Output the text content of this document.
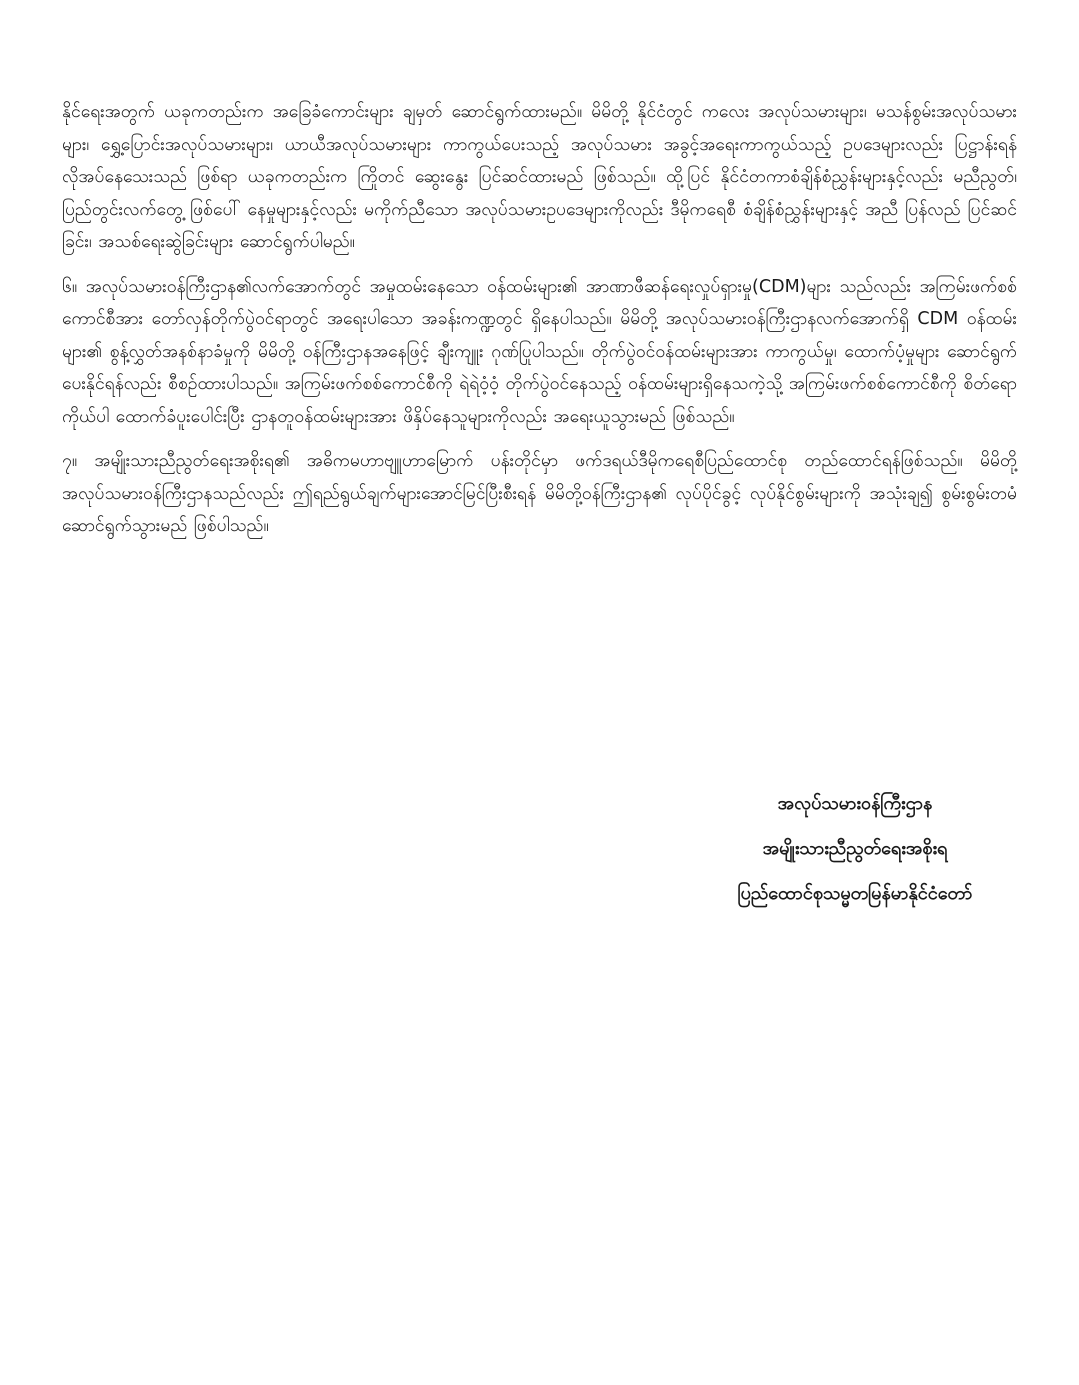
နိုင်ရေးအတွက် ယခုကတည်းက အခြေခံကောင်းများ ချမှတ် ဆောင်ရွက်ထားမည်။ မိမိတို့ နိုင်ငံတွင် ကလေး အလုပ်သမားများ၊ မသန်စွမ်းအလုပ်သမားများ၊ ရွှေ့ပြောင်းအလုပ်သမားများ၊ ယာယီအလုပ်သမားများ ကာကွယ်ပေးသည့် အလုပ်သမား အခွင့်အရေးကာကွယ်သည့် ဥပဒေများလည်း ပြဋ္ဌာန်းရန် လိုအပ်နေသေးသည် ဖြစ်ရာ ယခုကတည်းက ကြိုတင် ဆွေးနွေး ပြင်ဆင်ထားမည် ဖြစ်သည်။ ထို့ပြင် နိုင်ငံတကာစံချိန်စံညွှန်းများနှင့်လည်း မညီညွတ်၊ ပြည်တွင်းလက်တွေ့ ဖြစ်ပေါ် နေမှုများနှင့်လည်း မကိုက်ညီသော အလုပ်သမားဥပဒေများကိုလည်း ဒီမိုကရေစီ စံချိန်စံညွှန်းများနှင့် အညီ ပြန်လည် ပြင်ဆင်ခြင်း၊ အသစ်ရေးဆွဲခြင်းများ ဆောင်ရွက်ပါမည်။

၆။ အလုပ်သမားဝန်ကြီးဌာန၏လက်အောက်တွင် အမှုထမ်းနေသော ဝန်ထမ်းများ၏ အာဏာဖီဆန်ရေးလှုပ်ရှားမှု(CDM)များ သည်လည်း အကြမ်းဖက်စစ်ကောင်စီအား တော်လှန်တိုက်ပွဲဝင်ရာတွင် အရေးပါသော အခန်းကဏ္ဍတွင် ရှိနေပါသည်။ မိမိတို့ အလုပ်သမားဝန်ကြီးဌာနလက်အောက်ရှိ CDM ဝန်ထမ်းများ၏ စွန့်လွှတ်အနစ်နာခံမှုကို မိမိတို့ ဝန်ကြီးဌာနအနေဖြင့် ချီးကျူး ဂုဏ်ပြုပါသည်။ တိုက်ပွဲဝင်ဝန်ထမ်းများအား ကာကွယ်မှု၊ ထောက်ပံ့မှုများ ဆောင်ရွက်ပေးနိုင်ရန်လည်း စီစဉ်ထားပါသည်။ အကြမ်းဖက်စစ်ကောင်စီကို ရဲရဲဝံ့ဝံ့ တိုက်ပွဲဝင်နေသည့် ဝန်ထမ်းများရှိနေသကဲ့သို့ အကြမ်းဖက်စစ်ကောင်စီကို စိတ်ရောကိုယ်ပါ ထောက်ခံပူးပေါင်းပြီး ဌာနတူဝန်ထမ်းများအား ဖိနှိပ်နေသူများကိုလည်း အရေးယူသွားမည် ဖြစ်သည်။

၇။ အမျိုးသားညီညွတ်ရေးအစိုးရ၏ အဓိကမဟာဗျူဟာမြောက် ပန်းတိုင်မှာ ဖက်ဒရယ်ဒီမိုကရေစီပြည်ထောင်စု တည်ထောင်ရန်ဖြစ်သည်။ မိမိတို့ အလုပ်သမားဝန်ကြီးဌာနသည်လည်း ဤရည်ရွယ်ချက်များအောင်မြင်ပြီးစီးရန် မိမိတို့ဝန်ကြီးဌာန၏ လုပ်ပိုင်ခွင့် လုပ်နိုင်စွမ်းများကို အသုံးချ၍ စွမ်းစွမ်းတမံ ဆောင်ရွက်သွားမည် ဖြစ်ပါသည်။

အလုပ်သမားဝန်ကြီးဌာန
အမျိုးသားညီညွတ်ရေးအစိုးရ
ပြည်ထောင်စုသမ္မတမြန်မာနိုင်ငံတော်
